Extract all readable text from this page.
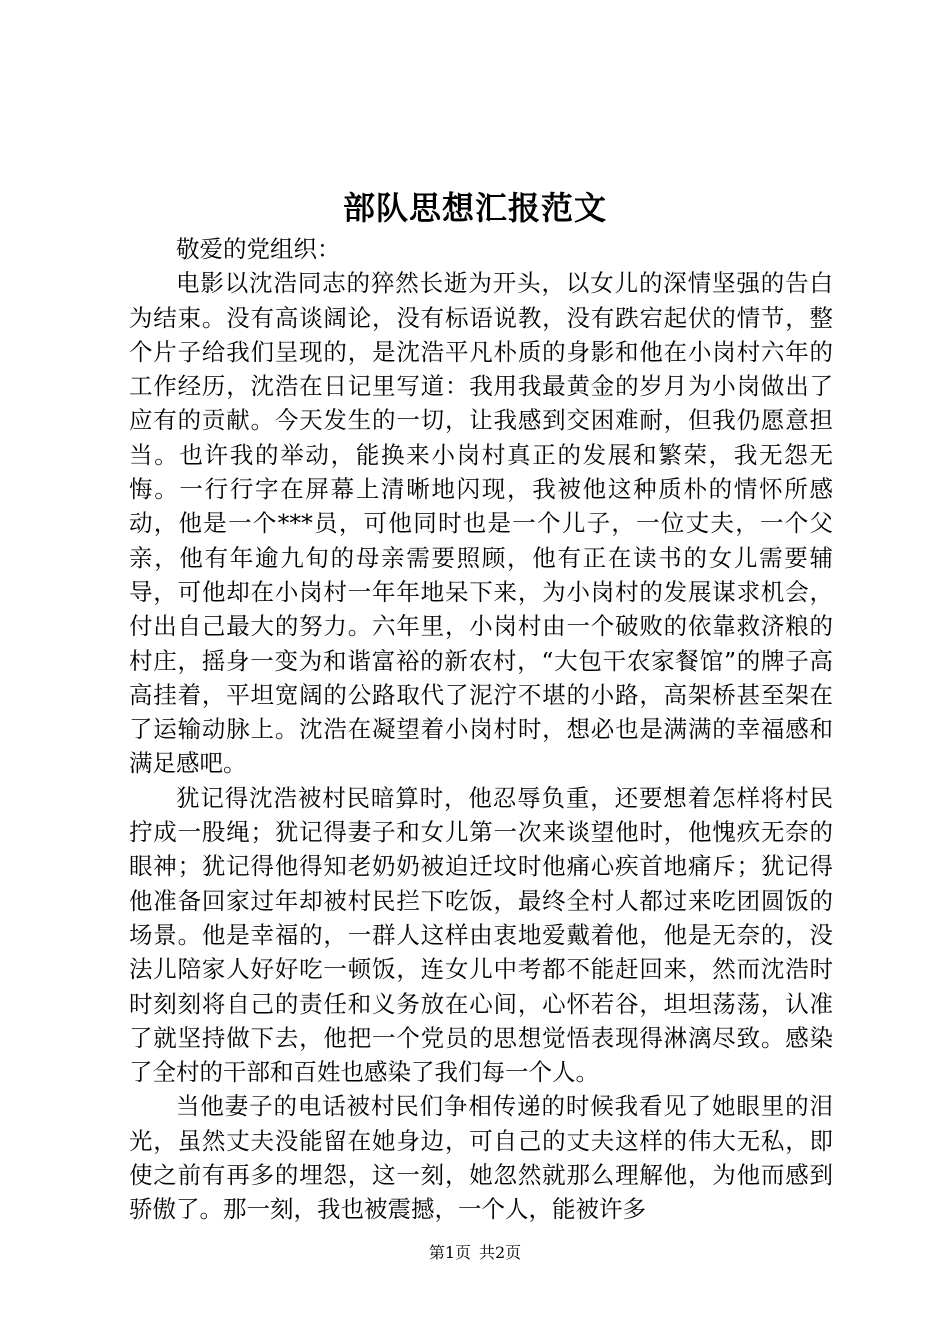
部队思想汇报范文

敬爱的党组织：

电影以沈浩同志的猝然长逝为开头，以女儿的深情坚强的告白为结束。没有高谈阔论，没有标语说教，没有跌宕起伏的情节，整个片子给我们呈现的，是沈浩平凡朴质的身影和他在小岗村六年的工作经历，沈浩在日记里写道：我用我最黄金的岁月为小岗做出了应有的贡献。今天发生的一切，让我感到交困难耐，但我仍愿意担当。也许我的举动，能换来小岗村真正的发展和繁荣，我无怨无悔。一行行字在屏幕上清晰地闪现，我被他这种质朴的情怀所感动，他是一个***员，可他同时也是一个儿子，一位丈夫，一个父亲，他有年逾九旬的母亲需要照顾，他有正在读书的女儿需要辅导，可他却在小岗村一年年地呆下来，为小岗村的发展谋求机会，付出自己最大的努力。六年里，小岗村由一个破败的依靠救济粮的村庄，摇身一变为和谐富裕的新农村，“大包干农家餐馆”的牌子高高挂着，平坦宽阔的公路取代了泥泞不堪的小路，高架桥甚至架在了运输动脉上。沈浩在凝望着小岗村时，想必也是满满的幸福感和满足感吧。

犹记得沈浩被村民暗算时，他忍辱负重，还要想着怎样将村民拧成一股绳；犹记得妻子和女儿第一次来谈望他时，他愧疚无奈的眼神；犹记得他得知老奶奶被迫迁坟时他痛心疾首地痛斥；犹记得他准备回家过年却被村民拦下吃饭，最终全村人都过来吃团圆饭的场景。他是幸福的，一群人这样由衷地爱戴着他，他是无奈的，没法儿陪家人好好吃一顿饭，连女儿中考都不能赶回来，然而沈浩时时刻刻将自己的责任和义务放在心间，心怀若谷，坦坦荡荡，认准了就坚持做下去，他把一个党员的思想觉悟表现得淋漓尽致。感染了全村的干部和百姓也感染了我们每一个人。

当他妻子的电话被村民们争相传递的时候我看见了她眼里的泪光，虽然丈夫没能留在她身边，可自己的丈夫这样的伟大无私，即使之前有再多的埋怨，这一刻，她忽然就那么理解他，为他而感到骄傲了。那一刻，我也被震撼，一个人，能被许多

第1页 共2页
